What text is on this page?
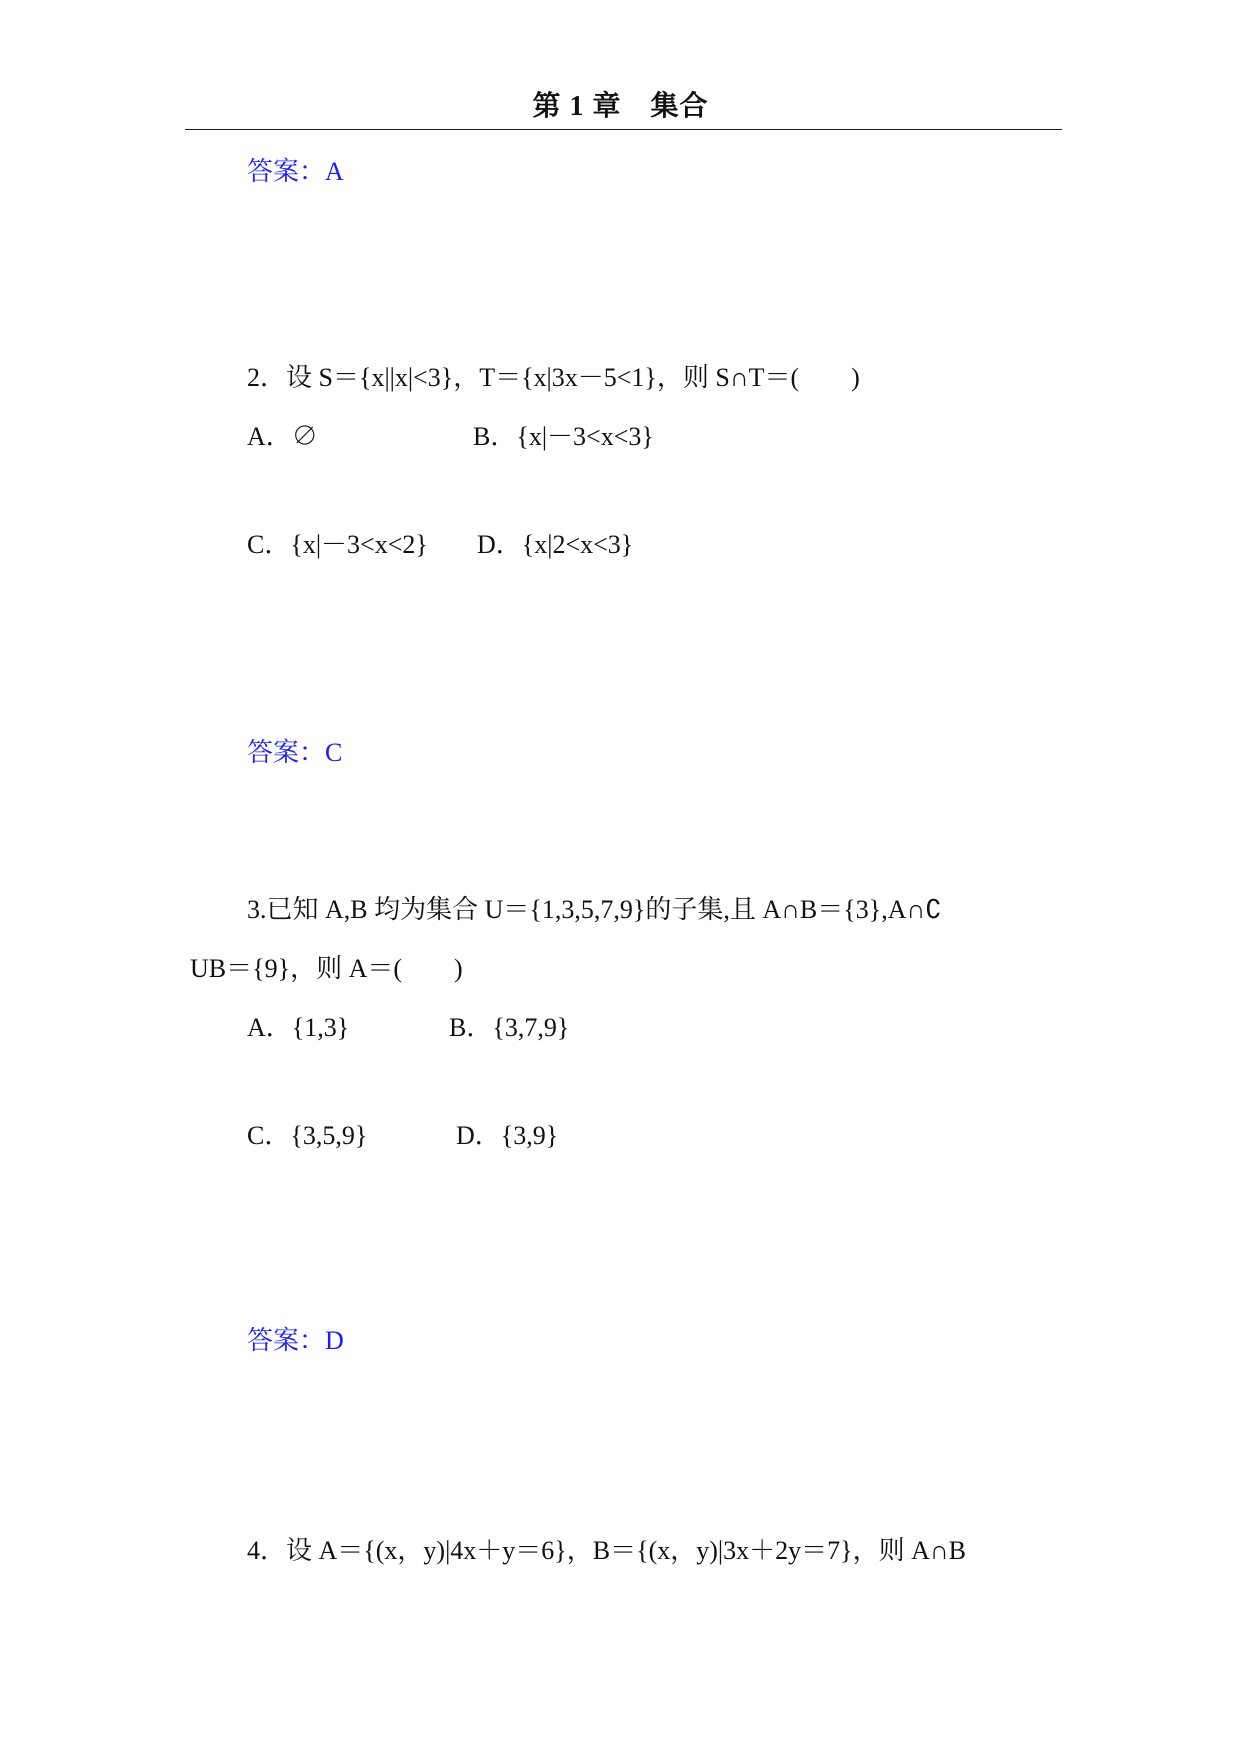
第 1 章　集合
答案：A
2．设 S＝{x||x|<3}，T＝{x|3x－5<1}，则 S∩T＝(　　)
A．∅	B．{x|－3<x<3}
C．{x|－3<x<2} D．{x|2<x<3}
答案：C
3.已知 A,B 均为集合 U＝{1,3,5,7,9}的子集,且 A∩B＝{3},A∩∁
UB＝{9}，则 A＝(　　)
A．{1,3}	B．{3,7,9}
C．{3,5,9}	D．{3,9}
答案：D
4．设 A＝{(x，y)|4x＋y＝6}，B＝{(x，y)|3x＋2y＝7}，则 A∩B
